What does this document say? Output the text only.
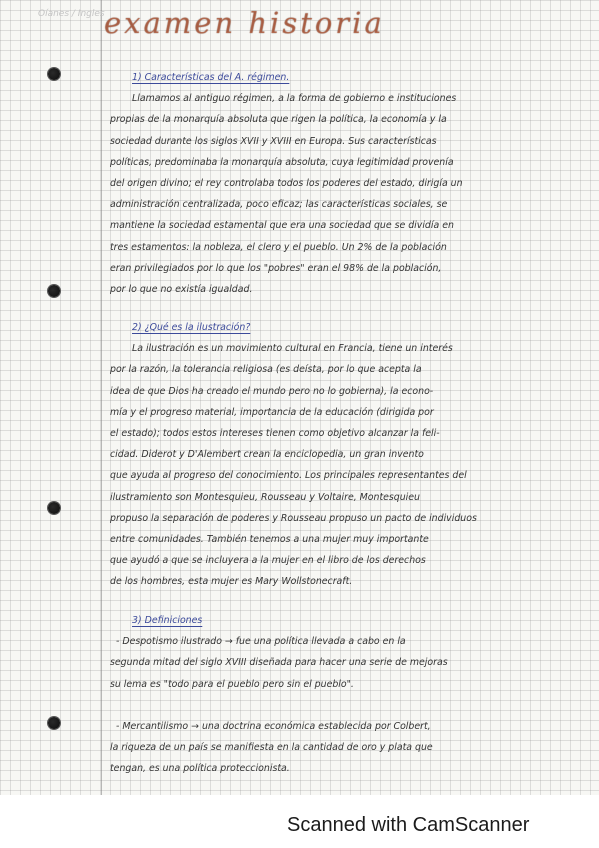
Oíanes / Ingles examen historia
1) Características del A. régimen.
Llamamos al antiguo régimen, a la forma de gobierno e instituciones
propias de la monarquía absoluta que rigen la política, la economía y la
sociedad durante los siglos XVII y XVIII en Europa. Sus características
políticas, predominaba la monarquía absoluta, cuya legitimidad provenía
del origen divino; el rey controlaba todos los poderes del estado, dirigía un
administración centralizada, poco eficaz; las características sociales, se
mantiene la sociedad estamental que era una sociedad que se dividía en
tres estamentos: la nobleza, el clero y el pueblo. Un 2% de la población
eran privilegiados por lo que los "pobres" eran el 98% de la población,
por lo que no existía igualdad.
2) ¿Qué es la ilustración?
La ilustración es un movimiento cultural en Francia, tiene un interés
por la razón, la tolerancia religiosa (es deísta, por lo que acepta la
idea de que Dios ha creado el mundo pero no lo gobierna), la econo-
mía y el progreso material, importancia de la educación (dirigida por
el estado); todos estos intereses tienen como objetivo alcanzar la feli-
cidad. Diderot y D'Alembert crean la enciclopedia, un gran invento
que ayuda al progreso del conocimiento. Los principales representantes del
ilustramiento son Montesquieu, Rousseau y Voltaire, Montesquieu
propuso la separación de poderes y Rousseau propuso un pacto de individuos
entre comunidades. También tenemos a una mujer muy importante
que ayudó a que se incluyera a la mujer en el libro de los derechos
de los hombres, esta mujer es Mary Wollstonecraft.
3) Definiciones
- Despotismo ilustrado → fue una política llevada a cabo en la
segunda mitad del siglo XVIII diseñada para hacer una serie de mejoras
su lema es "todo para el pueblo pero sin el pueblo".
- Mercantilismo → una doctrina económica establecida por Colbert,
la riqueza de un país se manifiesta en la cantidad de oro y plata que
tengan, es una política proteccionista.
Scanned with CamScanner
